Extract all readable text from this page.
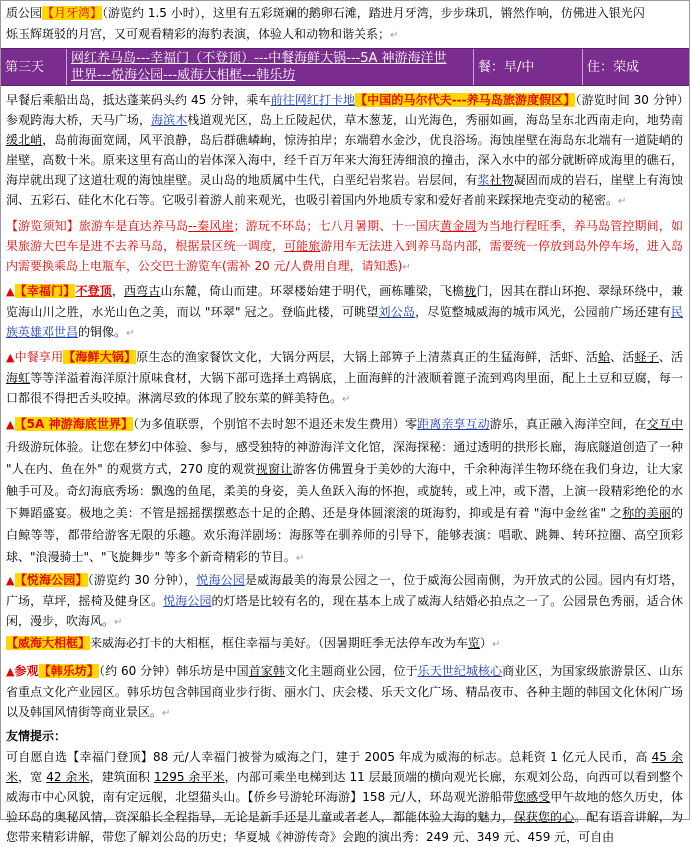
质公园【月牙湾】（游览约 1.5 小时），这里有五彩斑斓的鹅卵石滩，踏进月牙湾，步步珠玑，锵然作响，仿佛进入银光闪
烁玉辉斑驳的月宫，又可观看精彩的海豹表演，体验人和动物和谐关系；↵

第三天
网红养马岛---幸福门（不登顶）---中餐海鲜大锅---5A 神游海洋世
世界---悦海公园---威海大相框---韩乐坊
餐：早/中	住：荣成

早餐后乘船出岛，抵达蓬莱码头约 45 分钟，乘车前往网红打卡地【中国的马尔代夫---养马岛旅游度假区】（游览时间 30 分钟）参观跨海大桥，天马广场，海滨木栈道观光区，岛上丘陵起伏，草木葱茏，山光海色，秀丽如画，海岛呈东北西南走向，地势南缓北峭，岛前海面宽阔，风平浪静，岛后群礁嶙峋，惊涛拍岸；东端碧水金沙，优良浴场。海蚀崖壁在海岛东北端有一道陡峭的崖壁，高数十米。原来这里有高山的岩体深入海中，经千百万年来大海狂涛细浪的撞击，深入水中的部分就断碎成海里的礁石，海岸就出现了这道壮观的海蚀崖壁。灵山岛的地质属中生代，白垩纪岩浆岩。岩层间，有浆社物凝固而成的岩石，崖壁上有海蚀洞、五彩石、硅化木化石等。它吸引着游人前来观光，也吸引着国内外地质专家和爱好者前来踩探地壳变动的秘密。↵

【游览须知】旅游车是直达养马岛--秦风崖；游玩不环岛；七八月暑期、十一国庆黄金周为当地行程旺季，养马岛管控期间，如果旅游大巴车是进不去养马岛，根据景区统一调度，可能旅游用车无法进入到养马岛内部，需要统一停放到岛外停车场，进入岛内需要换乘岛上电瓶车，公交巴士游览车(需补 20 元/人费用自理，请知悉)↵

▲【幸福门】不登顶，西弯古山东麓，倚山而建。环翠楼始建于明代，画栋雕梁，飞檐栊门，因其在群山环抱、翠绿环绕中，兼览海山川之胜，水光山色之美，而以 "环翠" 冠之。登临此楼，可眺望刘公岛，尽览整城威海的城市风光，公园前广场还建有民族英雄邓世昌的铜像。↵

▲中餐享用【海鲜大锅】原生态的渔家餐饮文化，大锅分两层，大锅上部箅子上清蒸真正的生猛海鲜，活虾、活蛤、活蛏子、活海虹等等洋溢着海洋原汁原味食材，大锅下部可选择土鸡锅底，上面海鲜的汁液顺着篦子流到鸡肉里面，配上土豆和豆腐，每一口都很不得把舌头咬掉。淋漓尽致的体现了胶东菜的鲜美特色。↵

▲【5A 神游海底世界】（为多值联票，个别馆不去时恕不退还未发生费用）零距离亲享互动游乐，真正融入海洋空间，在交互中升级游玩体验。让您在梦幻中体验、参与，感受独特的神游海洋文化馆，深海探秘：通过透明的拱形长廊，海底隧道创造了一种 "人在内、鱼在外" 的观赏方式，270 度的观赏视窗让游客仿佛置身于美妙的大海中，千余种海洋生物环绕在我们身边，让大家触手可及。奇幻海底秀场：飘逸的鱼尾，柔美的身姿，美人鱼跃入海的怀抱，或旋转，或上冲，或下潜，上演一段精彩绝伦的水下舞蹈盛宴。极地之美：不管是摇摇摆摆憨态十足的企鹅、还是身体圆滚滚的斑海豹，抑或是有着 "海中金丝雀" 之称的美丽的白鲸等等，都带给游客无限的乐趣。欢乐海洋剧场：海豚等在驯养师的引导下，能够表演：唱歌、跳舞、转环拉圈、高空顶彩球、"浪漫骑士"、"飞旋舞步" 等多个新奇精彩的节目。↵

▲【悦海公园】（游览约 30 分钟），悦海公园是威海最美的海景公园之一，位于威海公园南侧，为开放式的公园。园内有灯塔，广场，草坪，摇椅及健身区。悦海公园的灯塔是比较有名的，现在基本上成了威海人结婚必拍点之一了。公园景色秀丽，适合休闲，漫步，吹海风。↵

【威海大相框】来威海必打卡的大相框，框住幸福与美好。（因暑期旺季无法停车改为车览）↵

▲参观【韩乐坊】（约 60 分钟）韩乐坊是中国首家韩文化主题商业公园，位于乐天世纪城核心商业区，为国家级旅游景区、山东省重点文化产业园区。韩乐坊包含韩国商业步行街、丽水门、庆会楼、乐天文化广场、精品夜市、各种主题的韩国文化休闲广场以及韩国风情街等商业景区。↵

友情提示：

可自愿自选【幸福门登顶】88 元/人幸福门被誉为威海之门，建于 2005 年成为威海的标志。总耗资 1 亿元人民币，高 45 余米，宽 42 余米，建筑面积 1295 余平米，内部可乘坐电梯到达 11 层最顶端的横向观光长廊，东观刘公岛，向西可以看到整个威海市中心风貌，南有定远舰，北望猫头山。【侨乡号游轮环海游】158 元/人，环岛观光游船带您感受甲午故地的悠久历史，体验环岛的奥秘风情，资深船长全程指导，无论是新手还是儿童或者老人，都能体验大海的魅力，保获您的心。配有语音讲解，为您带来精彩讲解，带您了解刘公岛的历史；华夏城《神游传奇》会跑的演出秀：249 元、349 元、459 元，可自由
